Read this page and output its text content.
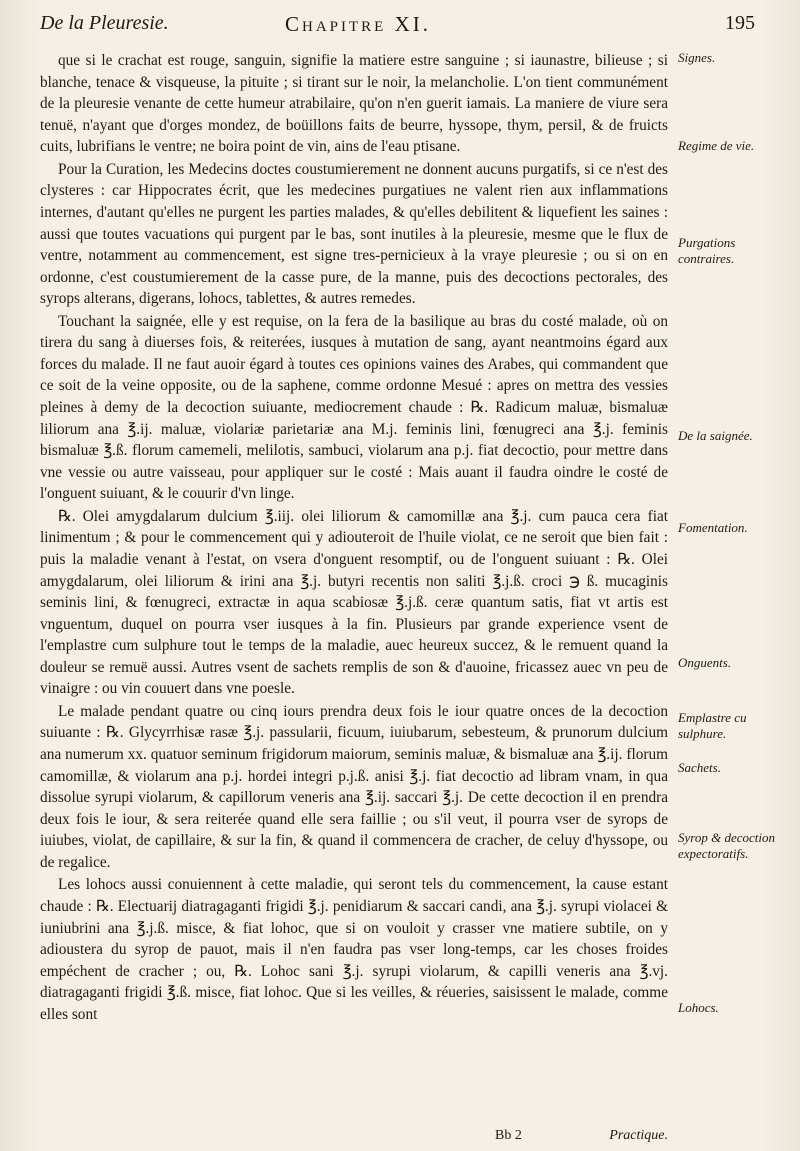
De la Pleuresie.	Chapitre XI.	195

que si le crachat est rouge, sanguin, signifie la matiere estre sanguine ; si iaunastre, bilieuse ; si blanche, tenace & visqueuse, la pituite ; si tirant sur le noir, la melancholie. L'on tient communément de la pleuresie venante de cette humeur atrabilaire, qu'on n'en guerit iamais. La maniere de viure sera tenuë, n'ayant que d'orges mondez, de boüillons faits de beurre, hyssope, thym, persil, & de fruicts cuits, lubrifians le ventre; ne boira point de vin, ains de l'eau ptisane.

Pour la Curation, les Medecins doctes coustumierement ne donnent aucuns purgatifs, si ce n'est des clysteres : car Hippocrates écrit, que les medecines purgatiues ne valent rien aux inflammations internes, d'autant qu'elles ne purgent les parties malades, & qu'elles debilitent & liquefient les saines : aussi que toutes vacuations qui purgent par le bas, sont inutiles à la pleuresie, mesme que le flux de ventre, notamment au commencement, est signe tres-pernicieux à la vraye pleuresie ; ou si on en ordonne, c'est coustumierement de la casse pure, de la manne, puis des decoctions pectorales, des syrops alterans, digerans, lohocs, tablettes, & autres remedes.

Touchant la saignée, elle y est requise, on la fera de la basilique au bras du costé malade, où on tirera du sang à diuerses fois, & reiterées, iusques à mutation de sang, ayant neantmoins égard aux forces du malade. Il ne faut auoir égard à toutes ces opinions vaines des Arabes, qui commandent que ce soit de la veine opposite, ou de la saphene, comme ordonne Mesué : apres on mettra des vessies pleines à demy de la decoction suiuante, mediocrement chaude : ℞. Radicum maluæ, bismaluæ liliorum ana ℥.ij. maluæ, violariæ parietariæ ana M.j. feminis lini, fœnugreci ana ℥.j. feminis bismaluæ ℥.ß. florum camemeli, melilotis, sambuci, violarum ana p.j. fiat decoctio, pour mettre dans vne vessie ou autre vaisseau, pour appliquer sur le costé : Mais auant il faudra oindre le costé de l'onguent suiuant, & le couurir d'vn linge.

℞. Olei amygdalarum dulcium ℥.iij. olei liliorum & camomillæ ana ℥.j. cum pauca cera fiat linimentum ; & pour le commencement qui y adiouteroit de l'huile violat, ce ne seroit que bien fait : puis la maladie venant à l'estat, on vsera d'onguent resomptif, ou de l'onguent suiuant : ℞. Olei amygdalarum, olei liliorum & irini ana ℥.j. butyri recentis non saliti ℥.j.ß. croci ℈ ß. mucaginis seminis lini, & fœnugreci, extractæ in aqua scabiosæ ℥.j.ß. ceræ quantum satis, fiat vt artis est vnguentum, duquel on pourra vser iusques à la fin. Plusieurs par grande experience vsent de l'emplastre cum sulphure tout le temps de la maladie, auec heureux succez, & le remuent quand la douleur se remuë aussi. Autres vsent de sachets remplis de son & d'auoine, fricassez auec vn peu de vinaigre : ou vin couuert dans vne poesle.

Le malade pendant quatre ou cinq iours prendra deux fois le iour quatre onces de la decoction suiuante : ℞. Glycyrrhisæ rasæ ℥.j. passularii, ficuum, iuiubarum, sebesteum, & prunorum dulcium ana numerum xx. quatuor seminum frigidorum maiorum, seminis maluæ, & bismaluæ ana ℥.ij. florum camomillæ, & violarum ana p.j. hordei integri p.j.ß. anisi ℥.j. fiat decoctio ad libram vnam, in qua dissolue syrupi violarum, & capillorum veneris ana ℥.ij. saccari ℥.j. De cette decoction il en prendra deux fois le iour, & sera reiterée quand elle sera faillie ; ou s'il veut, il pourra vser de syrops de iuiubes, violat, de capillaire, & sur la fin, & quand il commencera de cracher, de celuy d'hyssope, ou de regalice.

Les lohocs aussi conuiennent à cette maladie, qui seront tels du commencement, la cause estant chaude : ℞. Electuarij diatragaganti frigidi ℥.j. penidiarum & saccari candi, ana ℥.j. syrupi violacei & iuniubrini ana ℥.j.ß. misce, & fiat lohoc, que si on vouloit y crasser vne matiere subtile, on y adioustera du syrop de pauot, mais il n'en faudra pas vser long-temps, car les choses froides empéchent de cracher ; ou, ℞. Lohoc sani ℥.j. syrupi violarum, & capilli veneris ana ℥.vj. diatragaganti frigidi ℥.ß. misce, fiat lohoc. Que si les veilles, & réueries, saisissent le malade, comme elles sont

Signes.
Regime de vie.
Purgations contraires.
De la saignée.
Fomentation.
Onguents.
Emplastre cu sulphure.
Sachets.
Syrop & decoction expectoratifs.
Lohocs.
Bb 2	Practique.
